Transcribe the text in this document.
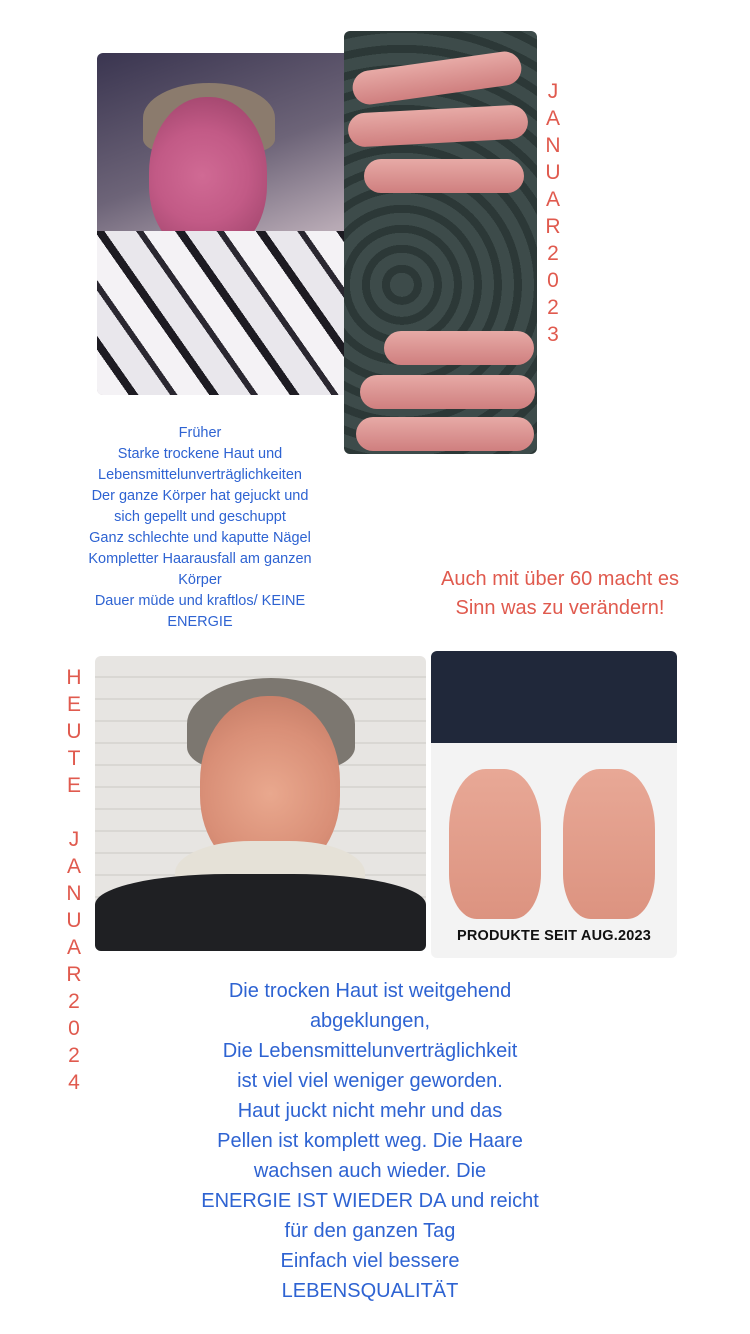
J
A
N
U
A
R
2
0
2
3
Früher
Starke trockene Haut und
Lebensmittelunverträglichkeiten
Der ganze Körper hat gejuckt und
sich gepellt und geschuppt
Ganz schlechte und kaputte Nägel
Kompletter Haarausfall am ganzen
Körper
Dauer müde und kraftlos/ KEINE
ENERGIE
Auch mit über 60 macht es
Sinn was zu verändern!
H
E
U
T
E
J
A
N
U
A
R
2
0
2
4
PRODUKTE SEIT AUG.2023
Die trocken Haut ist weitgehend
abgeklungen,
Die Lebensmittelunverträglichkeit
ist viel viel weniger geworden.
Haut juckt nicht mehr und das
Pellen ist komplett weg. Die Haare
wachsen auch wieder. Die
ENERGIE IST WIEDER DA und reicht
für den ganzen Tag
Einfach viel bessere
LEBENSQUALITÄT
